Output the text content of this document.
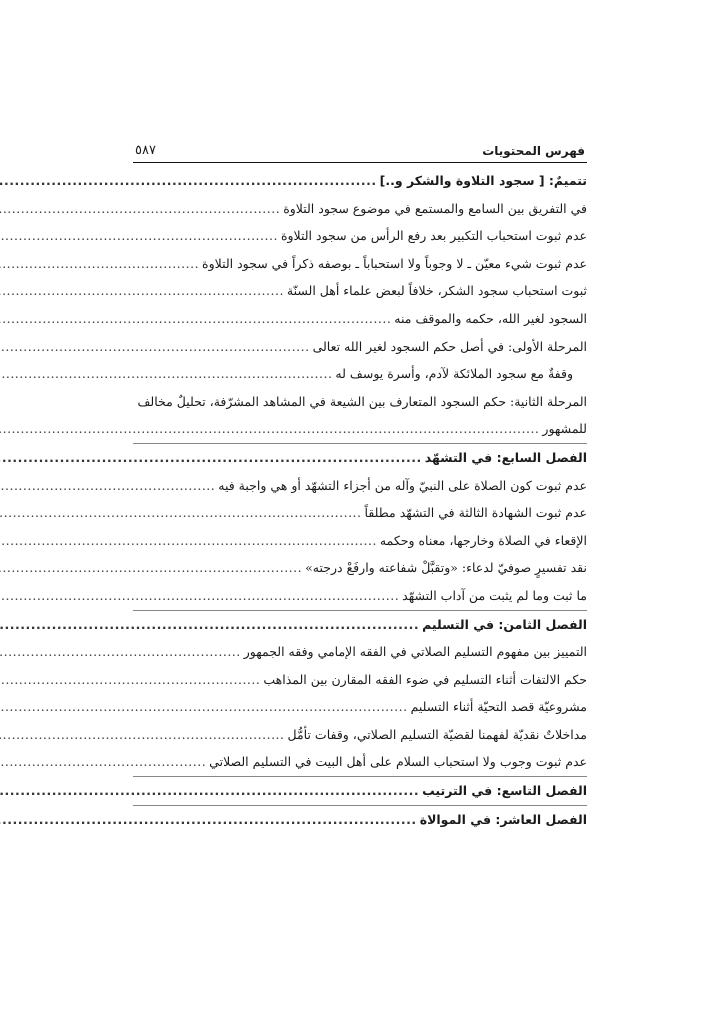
فهرس المحتويات
٥٨٧
تتميمٌ: [ سجود التلاوة والشكر و..]
.....
في التفريق بين السامع والمستمع في موضوع سجود التلاوة
.....
عدم ثبوت استحباب التكبير بعد رفع الرأس من سجود التلاوة
.....
عدم ثبوت شيء معيّن ـ لا وجوباً ولا استحباباً ـ بوصفه ذكراً في سجود التلاوة
.....
ثبوت استحباب سجود الشكر، خلافاً لبعض علماء أهل السنّة
.....
السجود لغير الله، حكمه والموقف منه
.....
المرحلة الأولى: في أصل حكم السجود لغير الله تعالى
.....
وقفةٌ مع سجود الملائكة لآدم، وأسرة يوسف له
.....
المرحلة الثانية: حكم السجود المتعارف بين الشيعة في المشاهد المشرّفة، تحليلٌ مخالف
للمشهور
.....
الفصل السابع: في التشهّد
.....
عدم ثبوت كون الصلاة على النبيّ وآله من أجزاء التشهّد أو هي واجبة فيه
.....
عدم ثبوت الشهادة الثالثة في التشهّد مطلقاً
.....
الإقعاء في الصلاة وخارجها، معناه وحكمه
.....
نقد تفسيرٍ صوفيّ لدعاء: «وتقبَّلْ شفاعته وارفَعْ درجته»
.....
ما ثبت وما لم يثبت من آداب التشهّد
.....
الفصل الثامن: في التسليم
.....
التمييز بين مفهوم التسليم الصلاتي في الفقه الإمامي وفقه الجمهور
.....
حكم الالتفات أثناء التسليم في ضوء الفقه المقارن بين المذاهب
.....
مشروعيّة قصد التحيّة أثناء التسليم
.....
مداخلاتٌ نقديّة لفهمنا لقضيّة التسليم الصلاتي، وقفات تأمُّل
.....
عدم ثبوت وجوب ولا استحباب السلام على أهل البيت في التسليم الصلاتي
.....
الفصل التاسع: في الترتيب
.....
الفصل العاشر: في الموالاة
.....
